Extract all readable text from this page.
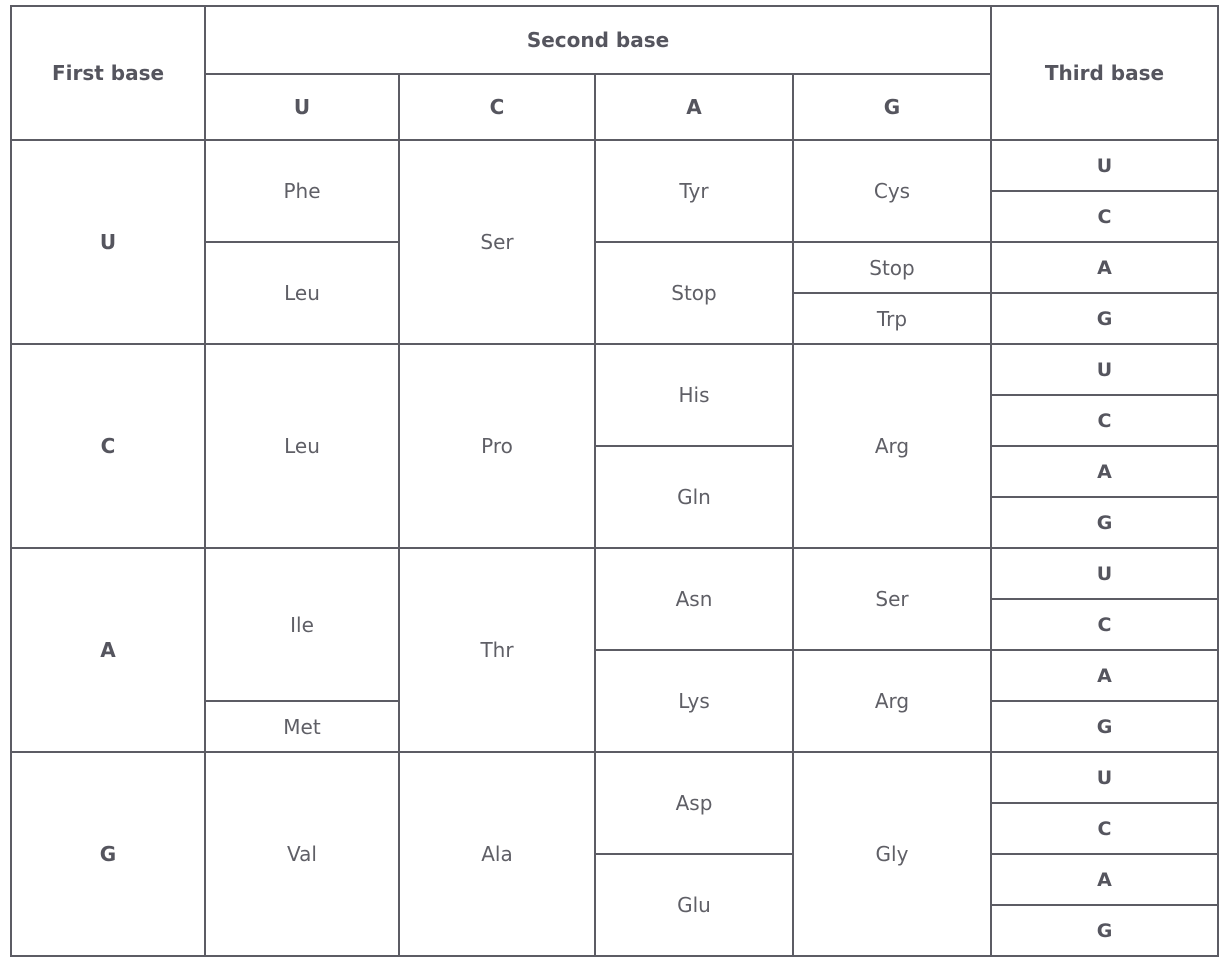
First base	Second base				Third base
	U	C	A	G	
U	Phe	Ser	Tyr	Cys	U
					C
	Leu		Stop	Stop	A
				Trp	G
C	Leu	Pro	His	Arg	U
					C
			Gln		A
					G
A	Ile	Thr	Asn	Ser	U
					C
			Lys	Arg	A
	Met				G
G	Val	Ala	Asp	Gly	U
					C
			Glu		A
					G
